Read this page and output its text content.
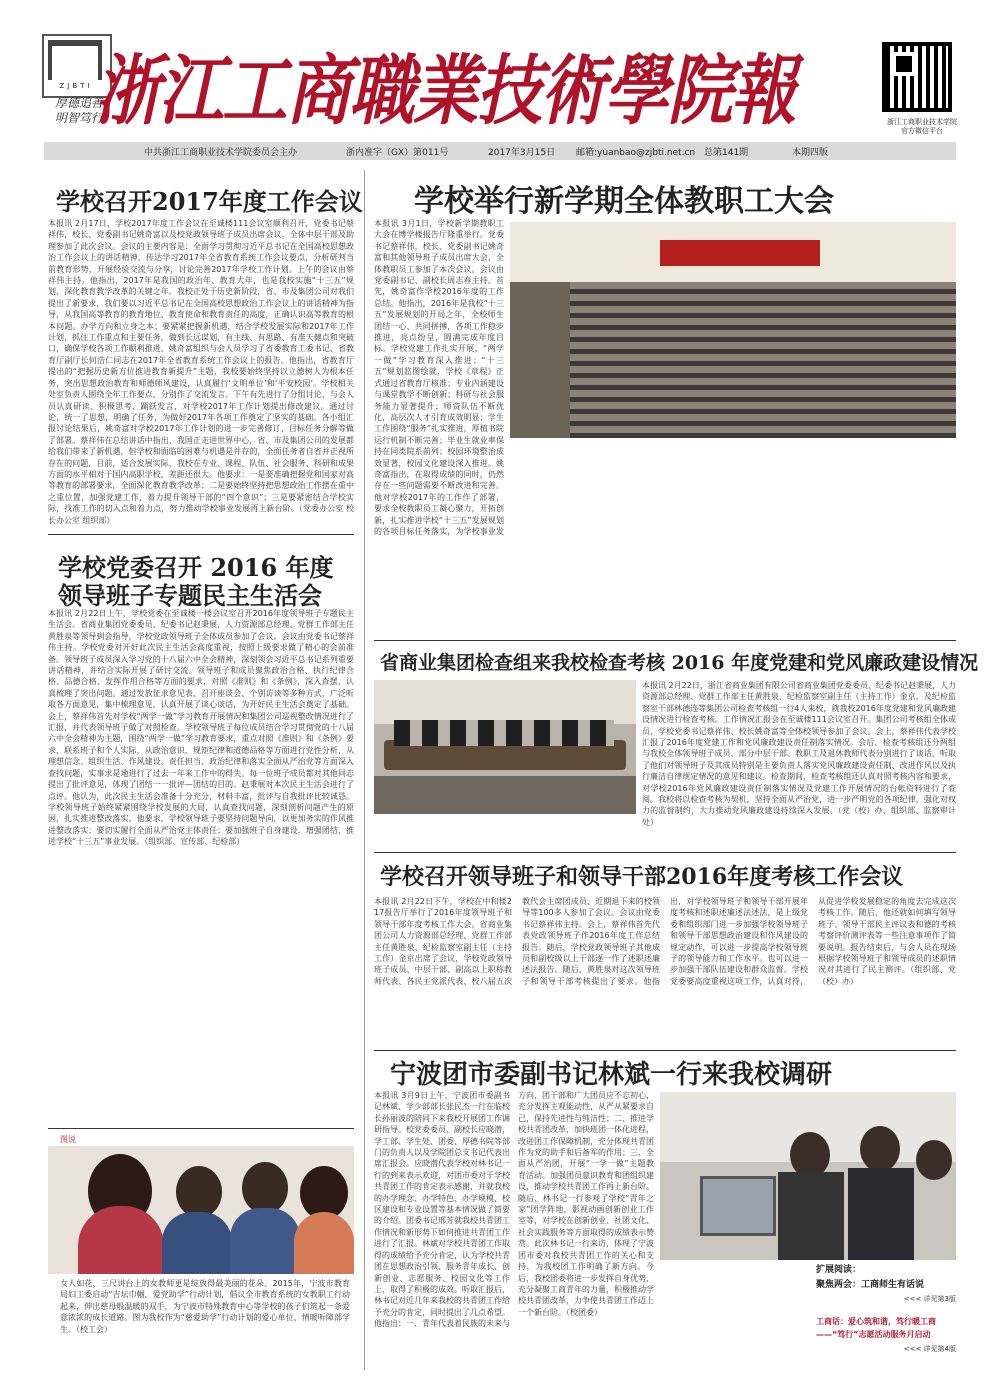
ZJBTI
厚德追善
明智笃行
浙江工商職業技術學院報	浙江工商职业技术学院
官方微信平台
中共浙江工商职业技术学院委员会主办	浙内准字（GX）第011号	2017年3月15日 邮箱:yuanbao@zjbti.net.cn 总第141期	本期四版
学校召开2017年度工作会议
本报讯 2月17日，学校2017年度工作会议在至诚楼111会议室顺利召开，党委书记蔡祥伟，校长、党委副书记姚奇富以及校党政领导班子成员出席会议，全体中层干部及助理参加了此次会议。会议的主要内容是：全面学习贯彻习近平总书记在全国高校思想政治工作会议上的讲话精神，传达学习2017年全省教育系统工作会议要点，分析研判当前教育形势，开展经验交流与分享，讨论完善2017年学校工作计划。上午的会议由蔡祥伟主持。他指出，2017年是我国的政治年、教育大年，也是我校实施“十三五”规划、深化教育教学改革的关键之年。我校正处于历史新阶段，省、市及集团公司对我们提出了新要求，我们要以习近平总书记在全国高校思想政治工作会议上的讲话精神为指导，从我国高等教育的教育地位、教育使命和教育责任的高度，正确认识高等教育的根本问题。办学方向和立身之本；要紧紧把握新机遇，结合学校发展实际和2017年工作计划，抓住工作重点和主要任务，做到长远谋划，有主线、有思路、有准天健点和突破口，确保学校各项工作顺利推进。姚奇富组织与会人员学习了省委教育工委书记、省教育厅副厅长何浩仁同志在2017年全省教育系统工作会议上的报告。他指出，省教育厅提出的“把握历史新方位推进教育新提升”主题，我校要始终坚持以立德树人为根本任务，突出思想政治教育和师德师风建设，认真履行‘文明单位’和‘平安校园’。学校相关处室负责人围绕全年工作要点，分别作了交流发言。下午有先进行了分组讨论，与会人员认真研读、积极思考、踊跃发言，对学校2017年工作计划提出修改建议。通过讨论，统一了思想，明确了任务，为做好2017年各项工作奠定了坚实的基础。各小组汇报讨论结果后，姚奇富对学校2017年工作计划的进一步完善修订、目标任务分解等做了部署。蔡祥伟在总结讲话中指出，我国正走进世界中心，省、市及集团公司的发展都给我们带来了新机遇，但学校和面临的困难与机遇是并存的，全面任务者自省并正视所存在的问题，目前，适合发展实际，我校在专业、课程、队伍、社会服务、科研和成果方面的水平相对于国内高职学校，差距还很大。他要求：一是要准确把握党和国家对高等教育的部署要求，全面深化教育教学改革；二是要始终坚持把思想政治工作摆在重中之重位置，加强党建工作，着力提升领导干部的“四个意识”；三是要紧密结合学校实际，找准工作的切入点和着力点，努力推动学校事业发展再上新台阶。（党委办公室 校长办公室 组织部）
学校党委召开 2016 年度
领导班子专题民主生活会
本报讯 2月22日上午，学校党委在至诚楼一楼会议室召开2016年度领导班子专题民主生活会。省商业集团党委委员、纪委书记赵秉展，人力资源部总经理、党群工作部主任黄胜泉等领导到会指导，学校党政领导班子全体成员参加了会议。会议由党委书记蔡祥伟主持。学校党委对开好此次民主生活会高度重视，按照上级要求做了精心的会前准备。领导班子成员深入学习党的十八届六中全会精神，深刻领会习近平总书记系列重要讲话精神，并结合实际开展了研讨交流。领导班子和成员聚焦政治合格、执行纪律合格、品德合格、发挥作用合格等方面的要求，对照《准则》和《条例》，深入查摆，认真梳理了突出问题。通过发放征求意见表、召开座谈会、个别访谈等多种方式，广泛听取各方面意见，集中梳理意见，认真开展了谈心谈话，为开好民主生活会奠定了基础。会上，蔡祥伟首先对学校“两学一做”学习教育开展情况和集团公司巡视整改情况进行了汇报，并代表领导班子做了对照检查。学校领导班子每位成员结合学习贯彻党的十八届六中全会精神为主题，围绕“两学一做”学习教育要求，重点对照《准则》和《条例》要求，联系班子和个人实际，从政治意识、规矩纪律和道德品格等方面进行党性分析，从理想信念、组织生活、作风建设、责任担当、政治纪律和落实全面从严治党等方面深入查找问题，实事求是地进行了过去一年来工作中的得失。每一位班子成员都对其他同志提出了批评意见，体现了团结一一批评—团结的目的。赵秉展对本次民主生活会进行了点评。他认为，此次民主生活会准备十分充分，材料丰富，批评与自我批评比较诚恳。学校领导班子始终紧紧围绕学校发展的大局，认真查找问题，深刻剖析问题产生的原因，扎实推进整改落实。他要求，学校领导班子要坚持问题导向，以更加务实的作风推进整改落实；要切实履行全面从严治党主体责任；要加强班子自身建设，增强团结，推进学校“十三五”事业发展。（组织部、宣传部、纪检部）
图说
女人如花，三尺讲台上的女教师更是绽放得最美丽的花朵。2015年，宁波市教育局妇工委启动“吉坛巾帼，爱党助学”行动计划，倡议全市教育系统的女教职工行动起来，伸出慈母般温暖的双手，为宁波市特殊教育中心等学校的孩子们筑起一条爱意浓浓的成长道路。图为我校作为“慈爱助学”行动计划的爱心单位，情暖听障部学生。（校工会）
学校举行新学期全体教职工大会
本报讯 3月1日，学校新学期教职工大会在博学楼报告厅隆重举行。党委书记蔡祥伟，校长、党委副书记姚奇富和其他领导班子成员出席大会，全体教职员工参加了本次会议。会议由党委副书记、副校长周志春主持。首先，姚奇富作学校2016年度的工作总结。他指出，2016年是我校“十三五”发展规划的开局之年，全校师生团结一心、共同拼搏，各项工作稳步推进，亮点纷呈，圆满完成年度目标。学校党建工作扎实开展，“两学一做”学习教育深入推进；“十三五”规划监图绘就，学校《章程》正式通过省教育厅核准；专业内涵建设与课堂教学不断创新；科研与社会服务能力显著提升；师资队伍不断优化，高层次人才引育成效明显；学生工作围绕“服务”扎实推进，厚植书院运行机制不断完善；毕业生就业率保持在同类院系前列；校园环境整治成效显著，校园文化建设深入推进。姚奇富指出，在取得成绩的同时，仍然存在一些问题需要不断改进和完善。他对学校2017年的工作作了部署，要求全校教职员工凝心聚力，开拓创新，扎实推进学校“十三五”发展规划的各项目标任务落实，为学校事业发
省商业集团检查组来我校检查考核 2016 年度党建和党风廉政建设情况
本报讯 2月22日，浙江省商业集团有限公司省商业集团党委委员、纪委书记赵秉展，人力资源部总经理、党群工作部主任黄胜泉、纪检监察室副主任（主持工作）金京，及纪检监察室干部林德连等集团公司检查考核组一行4人来校，就我校2016年度党建和党风廉政建设情况进行检查考核。工作情况汇报会在至诚楼111会议室召开。集团公司考核组全体成员，学校党委书记蔡祥伟、校长姚奇富等全体校领导参加了会议。会上，蔡祥伟代表学校汇报了2016年度党建工作和党风廉政建设责任制落实情况。会后，检查考核组还分两组与我校全体领导班子成员、部分中层干部、教职工及退休教师代表分别进行了谈话，听取了他们对领导班子及其成员特别是主要负责人落实党风廉政建设责任制、改进作风以及执行廉洁自律规定情况的意见和建议。检查期间，检查考核组还认真对照考核内容和要求，对学校2016年党风廉政建设责任制落实情况及党建工作开展情况的台帐资料进行了查阅。我校将以检查考核为契机，坚持全面从严治党，进一步严明党的各项纪律，强化对权力的监督制约，大力推动党风廉政建设持续深入发展。（党（校）办、组织部、监察审计处）
学校召开领导班子和领导干部2016年度考核工作会议
本报讯 2月22日下午，学校在中和楼217报告厅举行了2016年度领导班子和领导干部年度考核工作大会。省商业集团公司人力资源部总经理、党群工作部主任黄胜泉、纪检监察室副主任（主持工作）金京出席了会议，学校党政领导班子成员、中层干部、副高以上职称教师代表、各民主党派代表、校八届五次教代会主席团成员、近期退下来的校领导等100多人参加了会议。会议由党委书记蔡祥伟主持。会上，蔡祥伟首先代表党政领导班子作2016年度工作总结报告。随后，学校党政领导班子其他成员和副校级以上干部逐一作了述职述廉述法报告。随后，黄胜泉对这次领导班子和领导干部考核提出了要求。他指出，对学校领导班子和领导干部开展年度考核和述职述廉述法述法，是上级党委和组织部门进一步加强学校领导班子和领导干部思想政治建设和作风建设的规定动作，可以进一步提高学校领导班子的领导能力和工作水平。也可以进一步加强干部队伍建设和群众监督。学校党委要高度重视这项工作，认真对待，从促进学校发展稳定的角度去完成这次考核工作。随后，他还就如何填写领导班子、领导干部民主评议表和德的考核考察评价测评表等一些注意事项作了简要说明。报告结束后，与会人员在现场根据学校领导班子和领导成员的述职情况对其进行了民主测评。（组织部、党（校）办）
宁波团市委副书记林斌一行来我校调研
本报讯 3月9日上午，宁波团市委副书记林斌、学少部部长张民杰一行在临校长孙丽波的陪同下来我校开展团工作调研指导。校党委委员、副校长应晓潜，学工部、学生处、团委、厚德书院等部门的负责人以及学院团总支书记代表出席汇报会。应晓潜代表学校对林书记一行的到来表示欢迎，对团市委对于学校共青团工作的肯定表示感谢，并就我校的办学理念、办学特色、办学规模，校区建设和专业设置等基本情况做了简要的介绍。团委书记邢芳就我校共青团工作情况和新形势下如何推进共青团工作进行了汇报。林斌对学校共青团工作取得的成绩给予充分肯定，认为学校共青团在思想政治引领、服务青年成长、创新创业、志愿服务、校园文化等工作上，取得了积极的成效。听取汇报后，林书记对近几年来我校的共青团工作给予充分的肯定，同时提出了几点希望。他指出：一、青年代表着民族的未来与方向，团干部和广大团员应不忘初心，充分发挥主观能动性，从严从紧要求自己，保持先进性与纯洁性；二、推进学校共青团改革，加快班团一体化进程，改进团工作保障机制，充分体现共青团作为党的助手和后备军的作用；三、全面从严治团，开展“一学一做”主题教育活动。加强团员意识教育和团组织建设，推动学校共青团工作再上新台阶。随后，林书记一行参观了学校“青年之家”团学阵地，影视动画创新创业工作室等，对学校在创新创业、社团文化、社会实践服务等方面取得的成绩表示赞赏。此次林书记一行来访，体现了宁波团市委对我校共青团工作的关心和支持，为我校团工作明确了新方向。今后，我校团委将进一步发挥自身优势，充分凝聚工商青年的力量，积极推动学校共青团改革，力争使共青团工作迈上一个新台阶。（校团委）
扩展阅读：
聚焦两会：工商师生有话说
<<< 详见第3版
工商话：爱心筑和谐，笃行暖工商
——“笃行”志愿活动服务月启动
<<< 详见第4版
